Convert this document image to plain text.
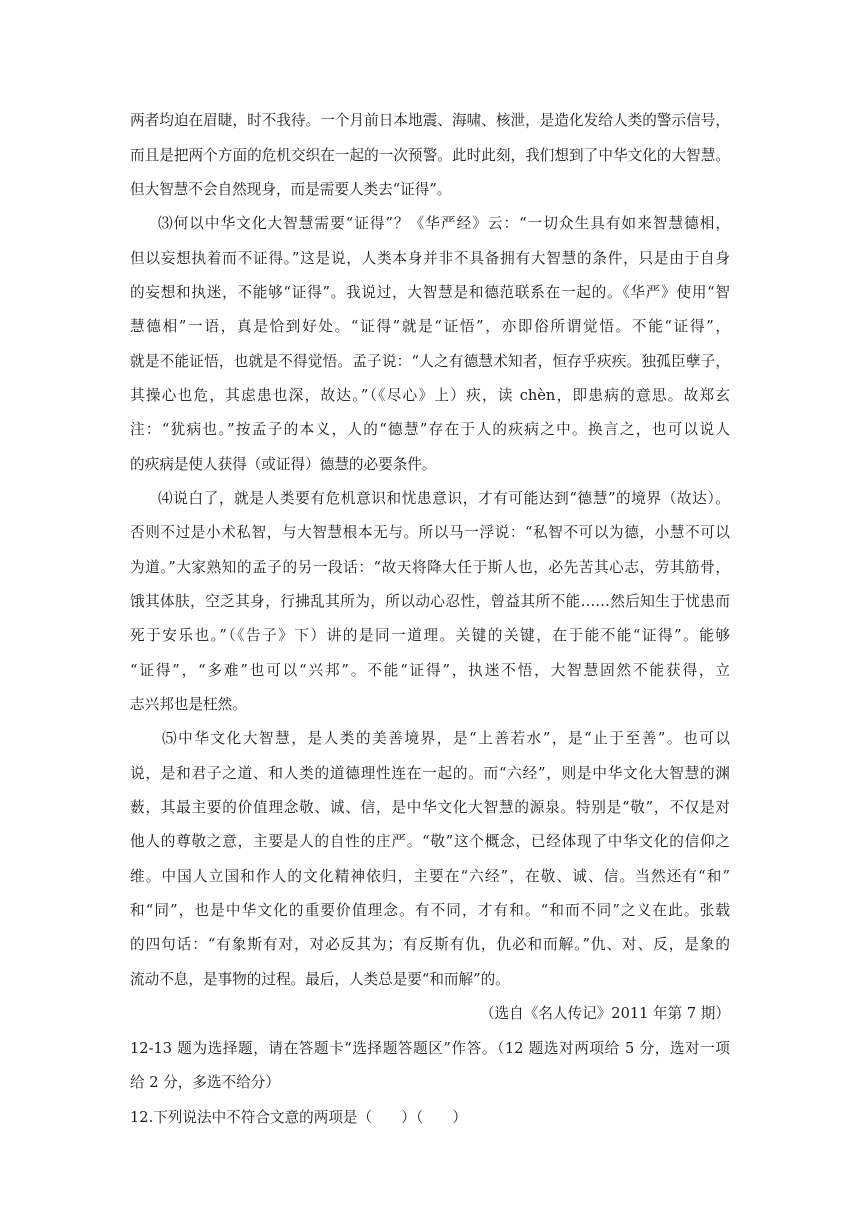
两者均迫在眉睫，时不我待。一个月前日本地震、海啸、核泄，是造化发给人类的警示信号，
而且是把两个方面的危机交织在一起的一次预警。此时此刻，我们想到了中华文化的大智慧。
但大智慧不会自然现身，而是需要人类去“证得”。
⑶何以中华文化大智慧需要“证得”？《华严经》云：“一切众生具有如来智慧德相，
但以妄想执着而不证得。”这是说，人类本身并非不具备拥有大智慧的条件，只是由于自身
的妄想和执迷，不能够“证得”。我说过，大智慧是和德范联系在一起的。《华严》使用“智
慧德相”一语，真是恰到好处。“证得”就是“证悟”，亦即俗所谓觉悟。不能“证得”，
就是不能证悟，也就是不得觉悟。孟子说：“人之有德慧术知者，恒存乎疢疾。独孤臣孽子，
其操心也危，其虑患也深，故达。”（《尽心》上）疢，读 chèn，即患病的意思。故郑玄
注：“犹病也。”按孟子的本义，人的“德慧”存在于人的疢病之中。换言之，也可以说人
的疢病是使人获得（或证得）德慧的必要条件。
⑷说白了，就是人类要有危机意识和忧患意识，才有可能达到“德慧”的境界（故达）。
否则不过是小术私智，与大智慧根本无与。所以马一浮说：“私智不可以为德，小慧不可以
为道。”大家熟知的孟子的另一段话：“故天将降大任于斯人也，必先苦其心志，劳其筋骨，
饿其体肤，空乏其身，行拂乱其所为，所以动心忍性，曾益其所不能……然后知生于忧患而
死于安乐也。”（《告子》下）讲的是同一道理。关键的关键，在于能不能“证得”。能够
“证得”，“多难”也可以“兴邦”。不能“证得”，执迷不悟，大智慧固然不能获得，立
志兴邦也是枉然。
⑸中华文化大智慧，是人类的美善境界，是“上善若水”，是“止于至善”。也可以
说，是和君子之道、和人类的道德理性连在一起的。而“六经”，则是中华文化大智慧的渊
薮，其最主要的价值理念敬、诚、信，是中华文化大智慧的源泉。特别是“敬”，不仅是对
他人的尊敬之意，主要是人的自性的庄严。“敬”这个概念，已经体现了中华文化的信仰之
维。中国人立国和作人的文化精神依归，主要在“六经”，在敬、诚、信。当然还有“和”
和“同”，也是中华文化的重要价值理念。有不同，才有和。“和而不同”之义在此。张载
的四句话：“有象斯有对，对必反其为；有反斯有仇，仇必和而解。”仇、对、反，是象的
流动不息，是事物的过程。最后，人类总是要“和而解”的。
（选自《名人传记》2011 年第 7 期）
12-13 题为选择题，请在答题卡“选择题答题区”作答。（12 题选对两项给 5 分，选对一项
给 2 分，多选不给分）
12.下列说法中不符合文意的两项是（　　）（　　）
